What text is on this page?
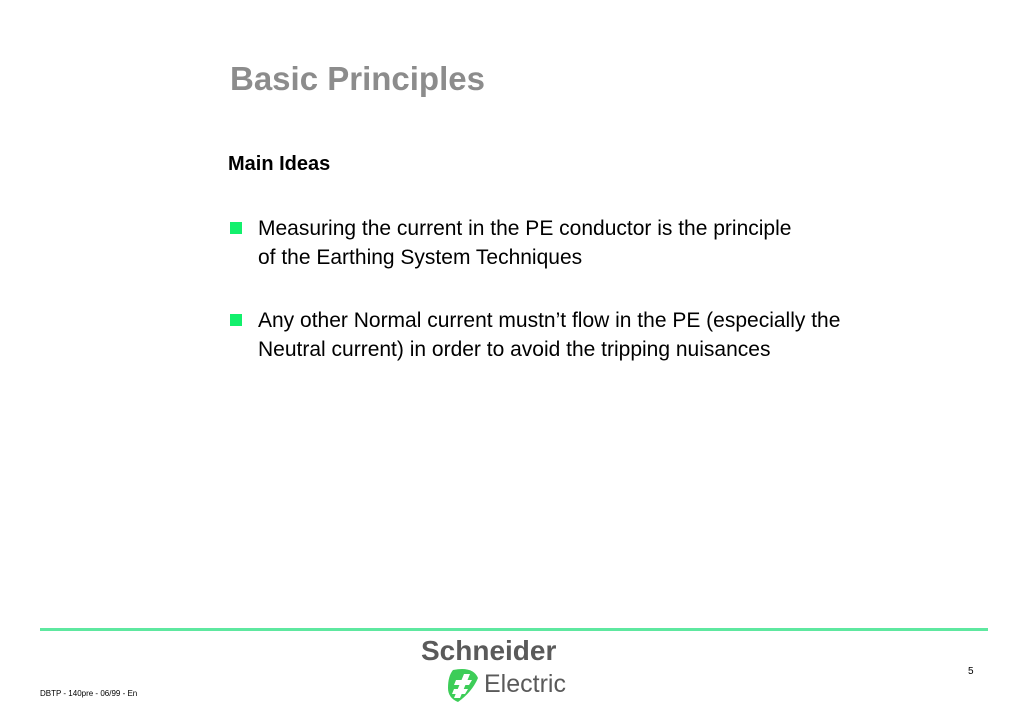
Basic Principles
Main Ideas
Measuring the current in the PE conductor is the principle
of the Earthing System Techniques
Any other Normal current mustn’t flow in the PE (especially the
Neutral current) in order to avoid the tripping nuisances
Schneider
Electric	5
DBTP - 140pre - 06/99 - En
